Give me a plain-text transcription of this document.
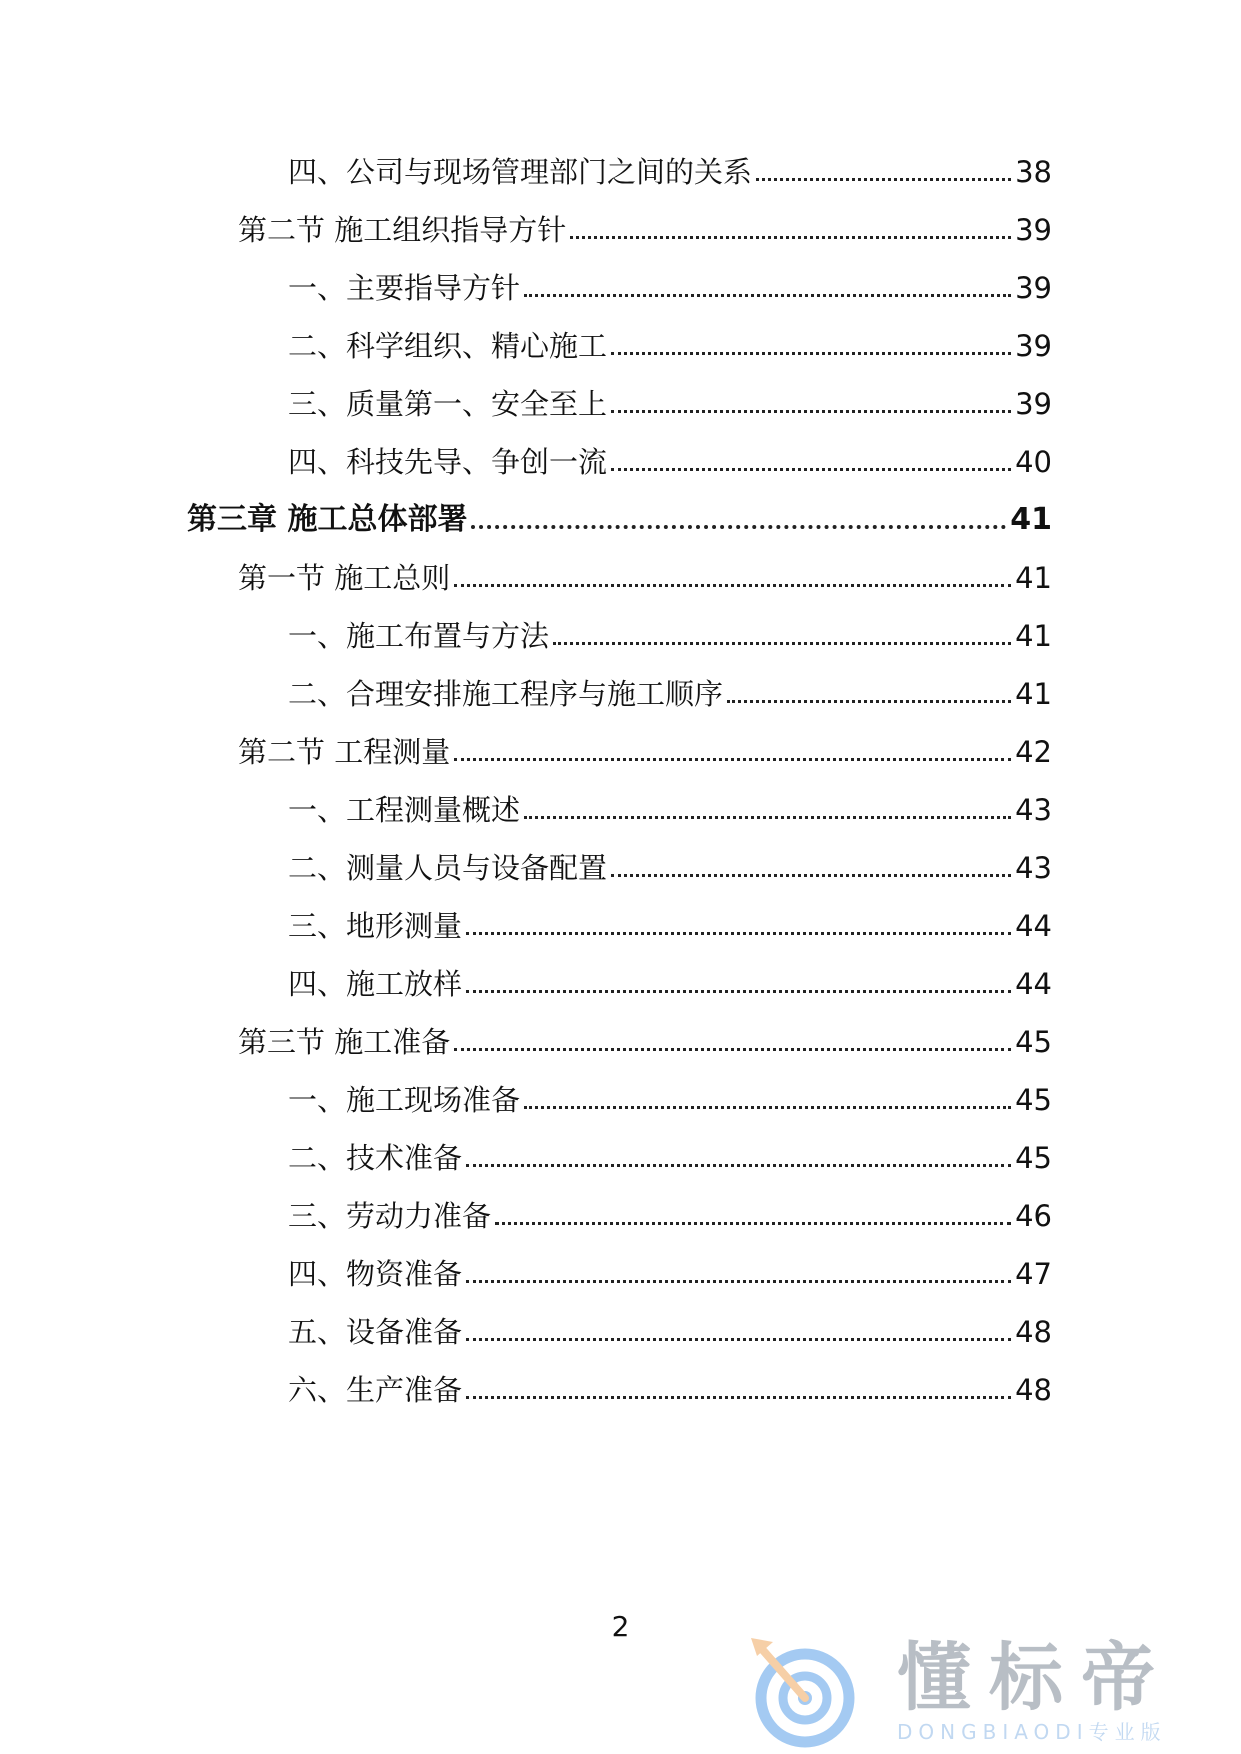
四、公司与现场管理部门之间的关系	38
第二节 施工组织指导方针	39
一、主要指导方针	39
二、科学组织、精心施工	39
三、质量第一、安全至上	39
四、科技先导、争创一流	40
第三章 施工总体部署	41
第一节 施工总则	41
一、施工布置与方法	41
二、合理安排施工程序与施工顺序	41
第二节 工程测量	42
一、工程测量概述	43
二、测量人员与设备配置	43
三、地形测量	44
四、施工放样	44
第三节 施工准备	45
一、施工现场准备	45
二、技术准备	45
三、劳动力准备	46
四、物资准备	47
五、设备准备	48
六、生产准备	48
2
懂标帝
DONGBIAODI专业版
